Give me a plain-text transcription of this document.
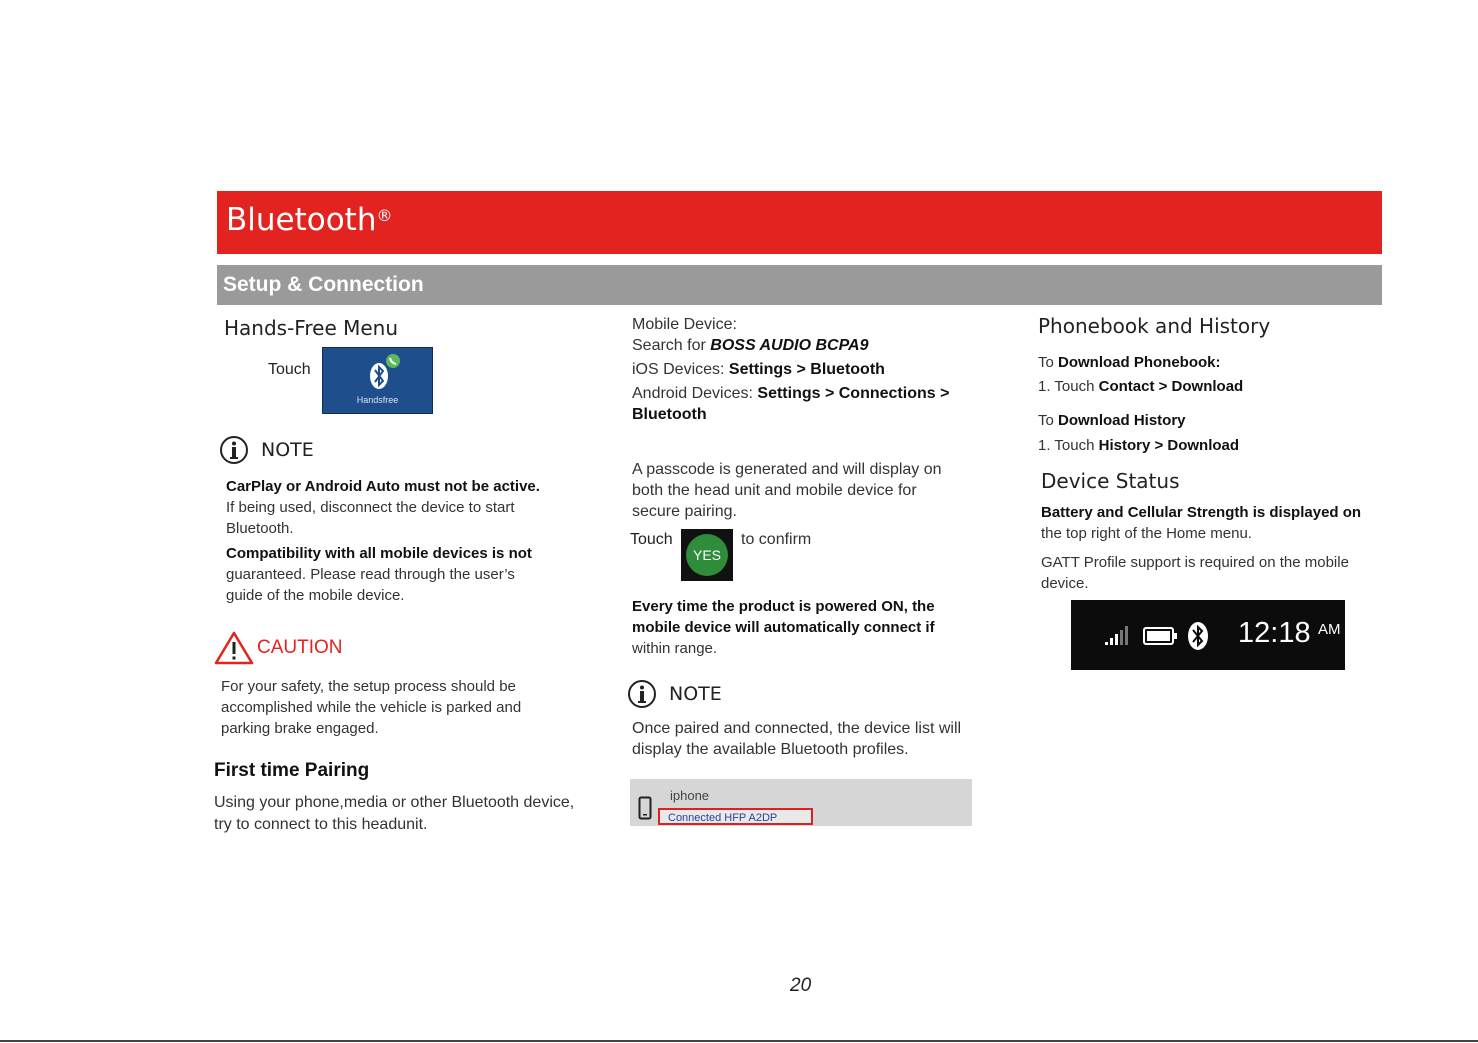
Bluetooth®
Setup & Connection
Hands-Free Menu
Touch
Handsfree
NOTE
CarPlay or Android Auto must not be active.
If being used, disconnect the device to start
Bluetooth.
Compatibility with all mobile devices is not
guaranteed. Please read through the user’s
guide of the mobile device.
CAUTION
For your safety, the setup process should be
accomplished while the vehicle is parked and
parking brake engaged.
First time Pairing
Using your phone,media or other Bluetooth device,
try to connect to this headunit.
Mobile Device:
Search for BOSS AUDIO BCPA9
iOS Devices: Settings > Bluetooth
Android Devices: Settings > Connections >
Bluetooth
A passcode is generated and will display on
both the head unit and mobile device for
secure pairing.
Touch
YES
to confirm
Every time the product is powered ON, the
mobile device will automatically connect if
within range.
NOTE
Once paired and connected, the device list will
display the available Bluetooth profiles.
iphone
Connected HFP A2DP
Phonebook and History
To Download Phonebook:
1. Touch Contact > Download
To Download History
1. Touch History > Download
Device Status
Battery and Cellular Strength is displayed on
the top right of the Home menu.
GATT Profile support is required on the mobile
device.
12:18 AM
20
